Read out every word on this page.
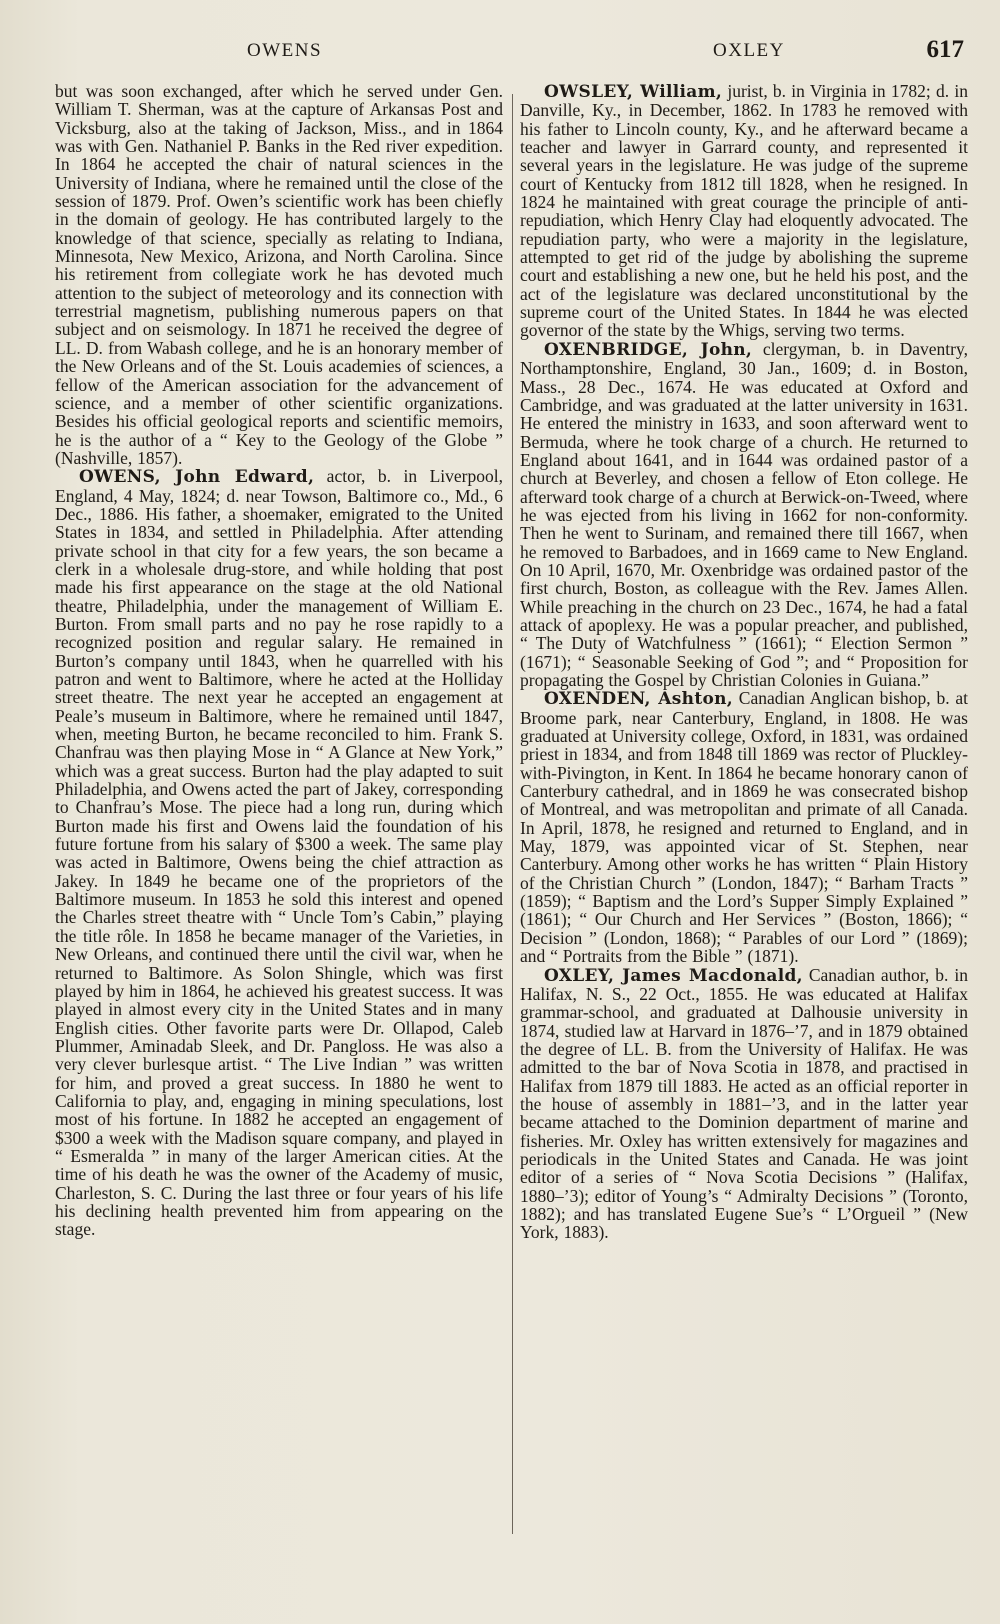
OWENS	OXLEY	617

but was soon exchanged, after which he served under Gen. William T. Sherman, was at the capture of Arkansas Post and Vicksburg, also at the taking of Jackson, Miss., and in 1864 was with Gen. Nathaniel P. Banks in the Red river expedition. In 1864 he accepted the chair of natural sciences in the University of Indiana, where he remained until the close of the session of 1879. Prof. Owen’s scientific work has been chiefly in the domain of geology. He has contributed largely to the knowledge of that science, specially as relating to Indiana, Minnesota, New Mexico, Arizona, and North Carolina. Since his retirement from collegiate work he has devoted much attention to the subject of meteorology and its connection with terrestrial magnetism, publishing numerous papers on that subject and on seismology. In 1871 he received the degree of LL. D. from Wabash college, and he is an honorary member of the New Orleans and of the St. Louis academies of sciences, a fellow of the American association for the advancement of science, and a member of other scientific organizations. Besides his official geological reports and scientific memoirs, he is the author of a “ Key to the Geology of the Globe ” (Nashville, 1857).

OWENS, John Edward, actor, b. in Liverpool, England, 4 May, 1824; d. near Towson, Baltimore co., Md., 6 Dec., 1886. His father, a shoemaker, emigrated to the United States in 1834, and settled in Philadelphia. After attending private school in that city for a few years, the son became a clerk in a wholesale drug-store, and while holding that post made his first appearance on the stage at the old National theatre, Philadelphia, under the management of William E. Burton. From small parts and no pay he rose rapidly to a recognized position and regular salary. He remained in Burton’s company until 1843, when he quarrelled with his patron and went to Baltimore, where he acted at the Holliday street theatre. The next year he accepted an engagement at Peale’s museum in Baltimore, where he remained until 1847, when, meeting Burton, he became reconciled to him. Frank S. Chanfrau was then playing Mose in “ A Glance at New York,” which was a great success. Burton had the play adapted to suit Philadelphia, and Owens acted the part of Jakey, corresponding to Chanfrau’s Mose. The piece had a long run, during which Burton made his first and Owens laid the foundation of his future fortune from his salary of $300 a week. The same play was acted in Baltimore, Owens being the chief attraction as Jakey. In 1849 he became one of the proprietors of the Baltimore museum. In 1853 he sold this interest and opened the Charles street theatre with “ Uncle Tom’s Cabin,” playing the title rôle. In 1858 he became manager of the Varieties, in New Orleans, and continued there until the civil war, when he returned to Baltimore. As Solon Shingle, which was first played by him in 1864, he achieved his greatest success. It was played in almost every city in the United States and in many English cities. Other favorite parts were Dr. Ollapod, Caleb Plummer, Aminadab Sleek, and Dr. Pangloss. He was also a very clever burlesque artist. “ The Live Indian ” was written for him, and proved a great success. In 1880 he went to California to play, and, engaging in mining speculations, lost most of his fortune. In 1882 he accepted an engagement of $300 a week with the Madison square company, and played in “ Esmeralda ” in many of the larger American cities. At the time of his death he was the owner of the Academy of music, Charleston, S. C. During the last three or four years of his life his declining health prevented him from appearing on the stage.

OWSLEY, William, jurist, b. in Virginia in 1782; d. in Danville, Ky., in December, 1862. In 1783 he removed with his father to Lincoln county, Ky., and he afterward became a teacher and lawyer in Garrard county, and represented it several years in the legislature. He was judge of the supreme court of Kentucky from 1812 till 1828, when he resigned. In 1824 he maintained with great courage the principle of anti-repudiation, which Henry Clay had eloquently advocated. The repudiation party, who were a majority in the legislature, attempted to get rid of the judge by abolishing the supreme court and establishing a new one, but he held his post, and the act of the legislature was declared unconstitutional by the supreme court of the United States. In 1844 he was elected governor of the state by the Whigs, serving two terms.

OXENBRIDGE, John, clergyman, b. in Daventry, Northamptonshire, England, 30 Jan., 1609; d. in Boston, Mass., 28 Dec., 1674. He was educated at Oxford and Cambridge, and was graduated at the latter university in 1631. He entered the ministry in 1633, and soon afterward went to Bermuda, where he took charge of a church. He returned to England about 1641, and in 1644 was ordained pastor of a church at Beverley, and chosen a fellow of Eton college. He afterward took charge of a church at Berwick-on-Tweed, where he was ejected from his living in 1662 for non-conformity. Then he went to Surinam, and remained there till 1667, when he removed to Barbadoes, and in 1669 came to New England. On 10 April, 1670, Mr. Oxenbridge was ordained pastor of the first church, Boston, as colleague with the Rev. James Allen. While preaching in the church on 23 Dec., 1674, he had a fatal attack of apoplexy. He was a popular preacher, and published, “ The Duty of Watchfulness ” (1661); “ Election Sermon ” (1671); “ Seasonable Seeking of God ”; and “ Proposition for propagating the Gospel by Christian Colonies in Guiana.”

OXENDEN, Ashton, Canadian Anglican bishop, b. at Broome park, near Canterbury, England, in 1808. He was graduated at University college, Oxford, in 1831, was ordained priest in 1834, and from 1848 till 1869 was rector of Pluckley-with-Pivington, in Kent. In 1864 he became honorary canon of Canterbury cathedral, and in 1869 he was consecrated bishop of Montreal, and was metropolitan and primate of all Canada. In April, 1878, he resigned and returned to England, and in May, 1879, was appointed vicar of St. Stephen, near Canterbury. Among other works he has written “ Plain History of the Christian Church ” (London, 1847); “ Barham Tracts ” (1859); “ Baptism and the Lord’s Supper Simply Explained ” (1861); “ Our Church and Her Services ” (Boston, 1866); “ Decision ” (London, 1868); “ Parables of our Lord ” (1869); and “ Portraits from the Bible ” (1871).

OXLEY, James Macdonald, Canadian author, b. in Halifax, N. S., 22 Oct., 1855. He was educated at Halifax grammar-school, and graduated at Dalhousie university in 1874, studied law at Harvard in 1876–’7, and in 1879 obtained the degree of LL. B. from the University of Halifax. He was admitted to the bar of Nova Scotia in 1878, and practised in Halifax from 1879 till 1883. He acted as an official reporter in the house of assembly in 1881–’3, and in the latter year became attached to the Dominion department of marine and fisheries. Mr. Oxley has written extensively for magazines and periodicals in the United States and Canada. He was joint editor of a series of “ Nova Scotia Decisions ” (Halifax, 1880–’3); editor of Young’s “ Admiralty Decisions ” (Toronto, 1882); and has translated Eugene Sue’s “ L’Orgueil ” (New York, 1883).
